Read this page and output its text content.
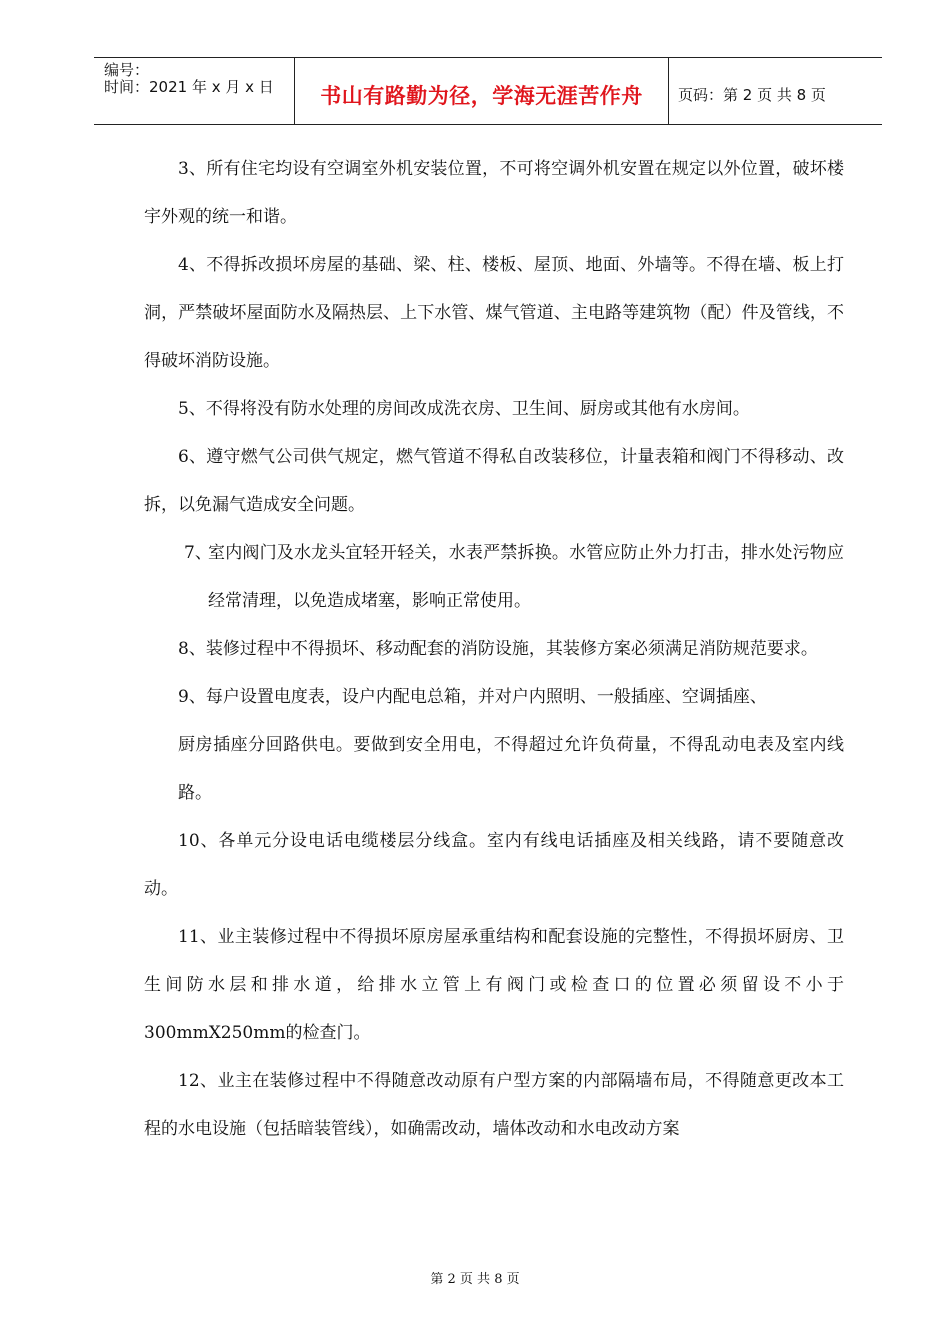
编号：
时间：2021 年 x 月 x 日	书山有路勤为径，学海无涯苦作舟	页码：第 2 页 共 8 页

3、所有住宅均设有空调室外机安装位置，不可将空调外机安置在规定以外位置，破坏楼宇外观的统一和谐。

4、不得拆改损坏房屋的基础、梁、柱、楼板、屋顶、地面、外墙等。不得在墙、板上打洞，严禁破坏屋面防水及隔热层、上下水管、煤气管道、主电路等建筑物（配）件及管线，不得破坏消防设施。

5、不得将没有防水处理的房间改成洗衣房、卫生间、厨房或其他有水房间。

6、遵守燃气公司供气规定，燃气管道不得私自改装移位，计量表箱和阀门不得移动、改拆，以免漏气造成安全问题。

7、
室内阀门及水龙头宜轻开轻关，水表严禁拆换。水管应防止外力打击，排水处污物应经常清理，以免造成堵塞，影响正常使用。

8、装修过程中不得损坏、移动配套的消防设施，其装修方案必须满足消防规范要求。

9、每户设置电度表，设户内配电总箱，并对户内照明、一般插座、空调插座、

厨房插座分回路供电。要做到安全用电，不得超过允许负荷量，不得乱动电表及室内线路。

10、各单元分设电话电缆楼层分线盒。室内有线电话插座及相关线路，请不要随意改动。

11、业主装修过程中不得损坏原房屋承重结构和配套设施的完整性，不得损坏厨房、卫生间防水层和排水道，给排水立管上有阀门或检查口的位置必须留设不小于 300mmX250mm的检查门。

12、业主在装修过程中不得随意改动原有户型方案的内部隔墙布局，不得随意更改本工程的水电设施（包括暗装管线），如确需改动，墙体改动和水电改动方案

第 2 页 共 8 页
